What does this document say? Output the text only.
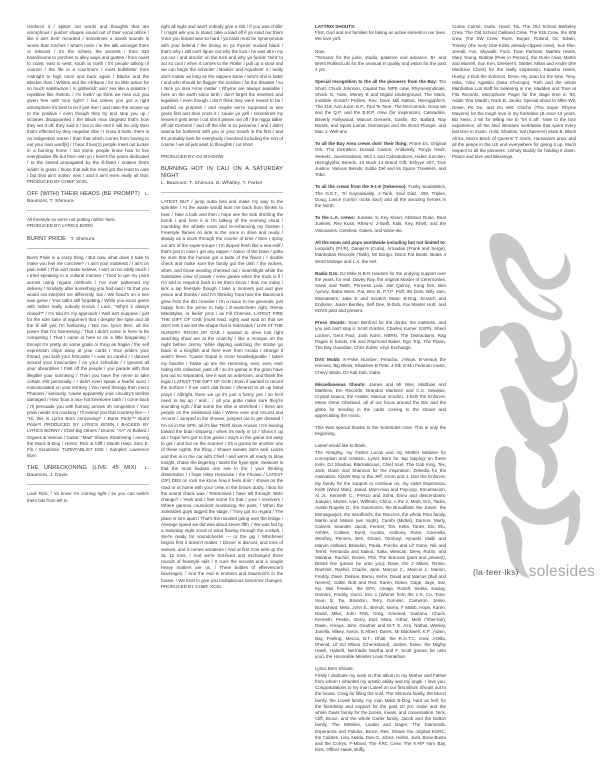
reinforce it / spittin' out words and thoughts that are amorphous / pushin' shapes sound out of their vocal orifice / like it ain't bein' recorded / sometimes a words sounds is worse than torches / what's more / is the talk amongst them or relevant / it's the richest, the poorest / from 333 boardrooms to porches to alley ways and gutters / from coast to coast, east to west, south to north / it's people talking of course! / the life is a courtroom / most bullshittin' from midnight to high noon and back again / Blacks and the Blacker than / Whites and the Afrikans / for so little action for so much satisfaction / in gibberish' usin' sex like a polarize / repetitive like rhetoric / I'm feelin' up think we rose cuz you given free with nice right? / but unless you got a right atmosphere it's best to let it just live! / and raise the octave up to the positive / even though they try and stop you up / victories disappointed / the Black man targeted that's how they set it off, they said it / but in the end it will be only then that's effected by they negative vibe / I know it hurts, there is no indigestion worse / than that which comes from having to eat your own word[s] / I hear if two(2) people meet out tucker in a burning home / but some people know how to live everybodies life but their own yo / here's the poem dedicated / to the hatred propagated by the ill-fated / snakes that's waitin' in grass / those that talk the most got the least to care / but that ain't nothin' new / and it ain't even really all that. PRODUCED BY CHIEF XCEL

OFF (WITH) THEIR HEADS (BE PROMPT) L. Baumont, T. Shimura

All freestyle so we're not putting nothin' here.
PRODUCED BY: LYRICS BORN

BURNT PRIDE T. Shimura

Burnt Pride is a crazy thing / But now, what does it take to make you feel me concrete? / I ain't your mattresS / I ain't on pain relief / This ain't make believe, I ain't on no oddly touch / I tried speaking in a cultural manner / Tried to get my point across using regular methods / I've ever patterned my delivery / Similarly after something you had said / Or that you would not interpret me differently, but / We head's on a see saw game / Your talk's still forgetting / While you exact game with rather really nobody knows / Lack, "Why's it always closed?" / I'm told it's my approach / Well isn't suppose / just for the sole sake of argument that I despite the spite and all the ill will yes I'm harboring / Nor me, lyrics then, all the power that I'm harnessing / That I didn't come in here to be competing / That I came in here to do a little bargaining / Except I'm pretty do some goals or thing as fragile / the self expression chips away at your cards / Your pride's your thread, you built your fortcastle / I was so careful / I danced around your insecurities / on your schedule / I ignored all your absurdities / First off the people / you parade with that illegible your surmising / Then you have the nerve to take certain shit personally / I didn't even speak a fearful word I miscalculated on your territory / You need therapy then micro Pharaon / seriously, 'cause apparently your circuitry's terrible damaged / How 'bout a nice hot lonesome bath / I come back / I'll persuade you with flaming arrows oh congestion / Your pride needs not cracking / I'll extend you that courtesy like— / "Hi, this is Lyrics Born conceiving!" / Burnt Pride™ Burnt Pride?! PRODUCED BY LYRICS BORN / BACKED BY LYRICS BORN? / Chief Big Others / Drums: "AA" At Bullard / Organs & Various / Guitar: "Mad" Shawn Stramming / among the Mack B-Dog / Horns: Rick & Cliff / Mouth Harp: Zero E. Flo / Scratches: TURNTABLIST DSK / Sampler: Lawrence Born

THE UNRECKONING (LIVE 45 MIX) L. Baumont, J. Davis

Look Rick, / Ya know I'm coming right / so you can switch them bits from left to

right all night and won't nobody give a shit / if you was chillin' / I might ask you to stand, take a load off if ya mind our thom 'mics you kicked was so hard / ya brain must be synonymous with your behind / the timing on ya rhymin' sucked black / that's why I still can't figure out why the fuck / he was all in my cut cuz / and droolin' on the tuck and why ya fuckin' 'mint' to act so cool / when it comes to the Rollin' / pull up a stool and we can begin the schoolin' / Bookin' and Aquafunk' it / really don't matter as long as the rappers know / who's shit is fatter / and who should be flaggin' the sardine / for the disaster / so I Nice ya insa Arms matter / Rhyme are always available / here on the earth since birth / don't forget the revelries and legalities / even though I don't think they were meant to be / pushed on purpose / and maybe we're supposed to see grass first and then cross it / 'cause ya ya'll / sometimes my lenses it gets terse / cut shit it pisses me off / the nigga talkin' off old Cement! / and off the shit is so perverse / and I didn't wanna be bothered with you or your mouth in the first / and it's probably best for everybody / involved including the sort of course / we all just want to thoughts / cut short

PRODUCED BY: DJ SHADOW

BURNING HOT IN CALI ON A SATURDAY NIGHT
L. Baumont, T. Shimura, B. Whalley, T. Parker

LATEST BUT / jump outta bed and make my way to the sprinkler / At the waste would lean me back from thinkin to hear / Take a look and then I hope see the sink drizzling the bomb / and here it is I'm talking of the morning cloud / mumbling the whistle room and re-enhancing my finesse / Freestyle flames on side to the voice in drive and ready / steady as a drum through the course of time / then I spray out at's of the super-troupe / I'm dipped fresh like a sea wolf / that's just in case I get any rapper / notice of the brain / gotta be sure that the human got a taste of the flavor / I double check and make sure the family got the dish / the wolves, vibes, and those wording checked out / searchlight while the SoleSides crew of power / crew gawks when the truck is fl / I'm told to respond back to let them know / that, me today / kick a lap freestyle though / take a moment just and give peace and thanks / and I'm thinking 'bout how the Bauvmont grew from the dirt crowder / I'm a mace to me generals, just happy from the prime to help / E-wantcheen right, Remix Mindstyles, or feelin' pros / as Fill Chemas, LATEST FIRE THE GIFT OF GAB (must read, right) wait wait on that we don't rest it we set the shape that is SoleSides / LIVE AT THE HUNGRY ROOM OF GAB / wanted to drive lost right watching show are at the Anarchy / like a mosque on the night before Jimmy 'while dipping watching the strobe go black in a kingfish and here ever from Arcata / strange it wasn't there. 'Cause Gopal is more knowledgeable / taken my favorite / 'Make up are the Hemming, ever, ever, ever hiding shit collected, past off / so it's gamut in the gram have just out so separated, see it was an anteroom, and thank the legal / LATEST THE GIFT OF GAB / Even if wanted to record the surface / if we can't dial Down / sheared to sit up hand prays / Albright, there we go it's just a funny yes / so he'd need to lay up / and... / all you gotta make sure they're sounding right / that some the tribe is stretched / / there are people on the ministerial side / Where ever and Arcurst and Arcurst / Jumped in the shower, jumped out to get dressed / I'm so in the SPK, all it's like This'll show Aruses / I'm leaning toward the brain shipping / when it's early in 14 / Shoot it up as I hope he's got to this game / Say's in the game not easy to get / and but on the scanner / It's a gonna be another one of these nights, the thing. / Shawn sweats Jim's well, Lanza and this is in the car with Chief / and we're all ready to blow tonight, chase the lingering / starts the hype type, Seasons is that the most badass one rule in the / your thinking dissertation / I hope Hiley Heracuse / the Fricase / LATEST (OF) DBS on rock me know how it feels doin' / shows on the road or at home with your crew, in the brown dutzy, / Boo for the sound check was / Teersomed I have tell through, BMA change? / Yeah and I feel some for that / your / receivers / Where gamma councilors monitoring the pairs, / When the SoleSides guys tagged the stage, / They got no regard / The place is torn apart / That's the mindset going over the bridge / Average speed we did was about seven fifth, / We was fed by a Saturday night vocal or wind flowing through the cockpit, / We're ready for soundchecks — or the gig / Whichever begins first it doesn't matter, / Dinner is discord, and tons of swears, and it comes amateurs / And at first Xcel sets up the SL 12 tons, / And we're hot-fixed and exchanged three rounds of freestyle rails / It cues the records and a couple heavy matters are us, / Three bottles of effervescent beverages, / And the end is eminent and Daumont's in the house. / We trust to give you multiplicious tomorrow changes. PRODUCED BY CHIEF XCEL

LATYRIX SHOUTS:
First, God and our families for taking an active interest in our lives. We love ya'll.

Now,
"Tomazor for the juice, studio, patience and advance. B+ and Brent Rollins/Luki for the unusual in quality and vision for the past 4 yrs.

Special recognition to the all the pioneers from the Bay: Too Short, Chuck Johnson, Capital Tax, MPE crew, Rhymesyndicate, Shock G, Yaee, Money B and Digital Underground, The Mack, Invisible Scratch Pickles, Rev, Dave Mill Nattos, Hierogylphics, The 415, Ace-Juice, E.P., Tool Te Tone, The McCormick, Goop we and the Q.P. and the B.R.P. crew (for inspiration), Cassadine, Beverly Hollywood, Marcus Demeris, Gaslin, 4D, Ballard, Ray Bands, and Spots Lamar, Dominique and the Bond Plunger, and Mac J. Well-ans

To all the Bay Area crews doin' their thing: Prime Ex, Original Ork, The Demblics, Donald Caxton, Antifamily, Tonyjn Nedz, Weevilz, Juvenmations, Wol 1 and Cabsatotions, Hides Junction, Hieroglyphix Breeds, 10 Buck 13 Brand Gift, Eshyye 407, True Justice, Various Blends, Eddie Def and its Space Travelers, and Tobe.

To all the crews from the 9-1-6 (Sekereso): Funky Soulatistics, The G.E.T., Tri Kaynaisiality, J.-Tank, Soul Diaz, 408, Triples, Doug, Lance (cornin' rocks Sac!) and all the amazing heroes in the North.

To the L.A. crews: Jurassic 5, Key Kleen, Abstract Rude, Beat Junkies, Rev Kuss, Rhea-V, J-Swift, Kids, Key, Rhett, and the Visionaries, Cerebral, Oakes, and Wave-ski.

All the mom and pops worldwide including but not limited to: Leopold's (P.I.R), Daupin's (Curla), Armadas (Frank and Serge), Manhattan Records (Tarik), Mr Bongo, Discs Fat Beats, Beats 4 Word Mixtape and L.A. the Net.

Radio DJs: DJ Mike N-B-N Hardore for the undying support over the years, for real. Davey Ray, the original Master of Ceremonies, Swan and Tasth, Princess Leia, Jae Quincy, Kong Ere, Ben Aymey, Baba Want, Pal, Ben B, P.T.P. Puff, 98 Dots, Billy Jam, Mixmasters, Jake E and Scratch Music B-Dog, Scratch and Endorse, Jason Bentley, Self Dee, B-Dub, Kai Master Hurt, and KDVS past and present.

Press Shouts: Sean Benford for the drinks, the mattress, and you just can't stop it. Scott Gordon, Charles Kumer, ESPN, Sherri Locken, Gent Paul, Josh Kuhn, HBRN, The Distractions, Rag Pages in bands, Ink and Raymond Baker, Ego Trip, The Flown, The Bay Guardian, Chez Zuber, Vinyl Exchange.

DVS Mobb: K-Poke Number, Preacha, J-Wow, B-Versus the emcees, Big Bless, Shawnee B Pete, J-Sill, E-Mo Fedman music, Chevy Wade, DJ Kali Dub, Gabe.

Miscellaneous Shouts: James and Mr Wes, Matthias and Matthew, Em Records, Brandon Martinez and C.S. Selassie, Crystal Isaacs, the Hustle, Marcus Gordon, J-Dub the Enforcer, Mean Gene Oberland, all of our focus around the Bar and the globe for sending in the cards coming to the shows and appreciating the music.

This Was special thanks to the SoleSides crew. This is only the beginning.

Lateef would like to thank,
The Almighty, my Father Lucas and my Mother Melanie for conception and creation, Lyrics Born for 'tap tapping' on these tools, DJ Shadow, Blackalicious, Chief Xcel, The Gab King, Tex, Jack, Dawn and Shannon for the inspiration, Zebedia for the motivation, Klazer Bay or the Jeff, Grom and J. Dan the Enforcer, My family for the support to continue on, my sister Esperanza, Keith (Word Man), Jamal, Mom-man and Pop-pop, Encarnacion, Al Jr., Kenneth C., Fresco and Sohit, Enno and descendants, Juaquin, Mazes, Ivan, Wilfredo, Chino, A the 2, Mark, Eric, Tadra, Austin Rogelio D., the Gaumont's, the Broadfield, the Jones', the Montagueja's, the Woolford's, the Raccio's, the whole Prior family, Martin and Miriam (we might), Cambi (Midtel), Damon, Marty, Calvers, Seander, Jacob, Fenner, Tori, Kelia, Tanes, Elo, Elu, Ashles, Colleen, Eunit, Acosta, Anthony, Rube, Carmella, Wenfrey, Rennes, Ben, Dmani, Tomboyi, Aynaski, Malik and Marvin Holland, Brandon, Paula, Porche and Lil' Dane, Nik and Terrel, Fernanda and Salina, Salta, Wescari, Drew, Rubin, and Salvana, Rachel, Dunes, Phil, The Brancas (past and present), Bristol line (peace be unto you), Rave, the 2 Mikes, Rinnie, Rashmit, Rashid, Charlie, Jane, Marcus C., Marcus J., Marion, Freddy, Dave, Delmar, Barnu, Kehn, David and Marcus (Bull and Neveni), Gabe, Bob and Red, Karen, Diane, Gage, Jaye, Izar, Kix, Wal Freiden, the EPA, Ureaja, Rozell, Siekta, Kaulay, Damani, Freddy, Gucci, Eric 1 (Winner from the 1-S, CA, Tone, Sean B, Tai, Brandon, Terry, Dominic, Cameron, Jesse, Buckwheat, Mela, John E., Brendt, Sierra, F Mabb, Hope, Karen, David, Mike, John Fish, Greg, Gmened, Santana, Chuck, Kenneth, Peskin, Gerry, Earl, Mora, Arthur, Melir (Tiber-lah), Dawn, Amaya, John, Geuther and M.T. E, Aza, Nathar, Wesley, Janella, Mikey, Aaron, E.Albert, Darris, Mi Blackwell, K.P., Adam, Bay, Feeling, Mecca, B.T., Dhali, the R.O.T.C. crew, J-Dilla, Dhenid, Lil' Ed Wison (Checkstand), Jorden, Evian, the Mighty Hawk, Haleeft, Nermadic Martha and F. Scott (peace be unto you), the Honorable Minister Louis Farrakhan.

Lyrics Born Shouts:
Firstly I dedicate my work on this album to my Mother and Father from whom I inherited my artistic ability and my angle. I love you. Congratulations to my man Lateef on our first album Shouts out to the house. Craig for filling the void, The Shimura family, the Mucci family, the Lovett family, my man Mack B-Dog, hard as hell, for the friendship and support for the past 10 yrs. Gabe and the whole Davis family for the books, meals, and conversation. Nick, Cliff, Bruce, and the whole Carter family, Jacob and the Dalton family, The Missiles, Loulan and Dager, The Diamonds, Esperanza and Pulidos, Bruce, Res, Shawn the original KGRC, the Calders, Lisa, Nelda, Dan-G, Johns, Herbs, Jusit, Bone-Busta and the Corrys, F-Mbosi, The KRC Crew, The K-RP Yarn Bay, Kiris, Officer Hawk, Buffy,

Cuime Cuime, Durie, Hood, Tai, The Old School Berkeley Crew, The Old School Oakland Crew, The 916 Crew, the 808 crew, The SW Crew: Ruen, Bogus, Roland, Oc, Edwin, Tommy (the Ivory Ebe-Kicks already-clipped crew), Sun Eke, Jereali, Ave, Skywalk, Fock, Tuan Parsons, Marlow Harris, Mary Young, Bobbie (Peer in Person), the Durio crew, Martin and Warrell, Sun Ken, Dresser's, Stetter, Milan and Andre (the Medicine Chest) for the really inspiration, Kaiasha Harris, Hunky, J-Dub the Enforcer, Dene, My Joan for the time, Tony, Mika, Yoko Agatsku (Sato Chucopo), Tosh and the whole Manhattan Los staff for believing in me, Madden and Tone at Fila Records, Microphone Pager for the stage time in '93, Addie Tina Mardin, Nock B, Jacilio. Special shout to Mike Wit, Dewe, Pe De, and Do Wis' Chicho (The Super Rhyme Mavens) for the tough love in my formative (B once 13 years, Biz Ness, J 60 for telling me to "let it all". Note to the tour experience, all the stud literature worldwide that spent every last time in music. Hold, Shadow, Sal (Spencer) Mark B. Black Africa, Moo's Block of Queens' T. Doris, Humanizer area, and all the peeps in the US and everywhere for giving it up. Much respect to all the pioneers. Unholy Buddy for holding it down. Peace and love and Blessings.

(la·teer·iks) solesides
